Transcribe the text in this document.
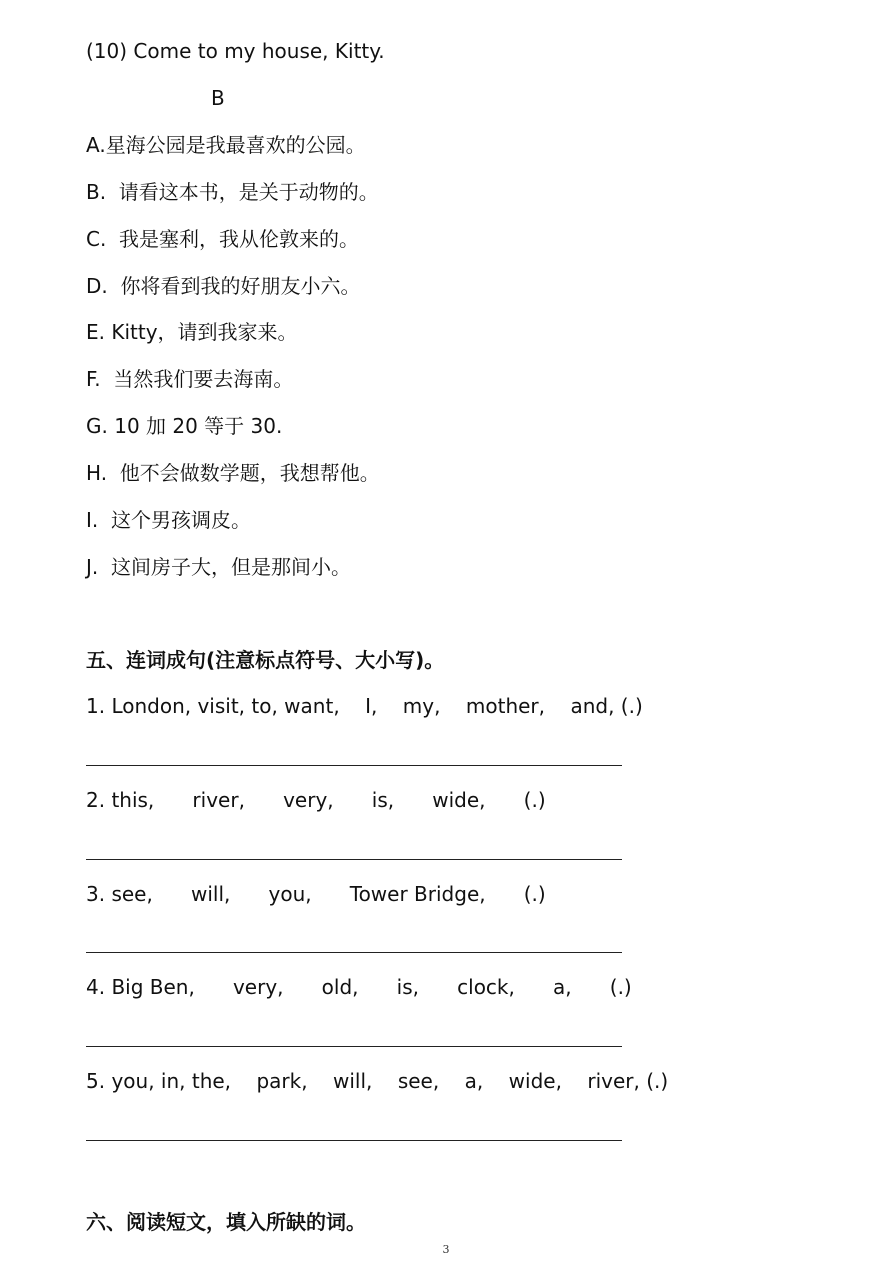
(10) Come to my house, Kitty.
B
A.星海公园是我最喜欢的公园。
B.  请看这本书，是关于动物的。
C.  我是塞利，我从伦敦来的。
D.  你将看到我的好朋友小六。
E. Kitty，请到我家来。
F.  当然我们要去海南。
G. 10 加 20 等于 30.
H.  他不会做数学题，我想帮他。
I.  这个男孩调皮。
J.  这间房子大，但是那间小。
五、连词成句(注意标点符号、大小写)。
1. London, visit, to, want,    I,    my,    mother,    and, (.)
2. this,      river,      very,      is,      wide,      (.)
3. see,      will,      you,      Tower Bridge,      (.)
4. Big Ben,      very,      old,      is,      clock,      a,      (.)
5. you, in, the,    park,    will,    see,    a,    wide,    river, (.)
六、阅读短文，填入所缺的词。
3
